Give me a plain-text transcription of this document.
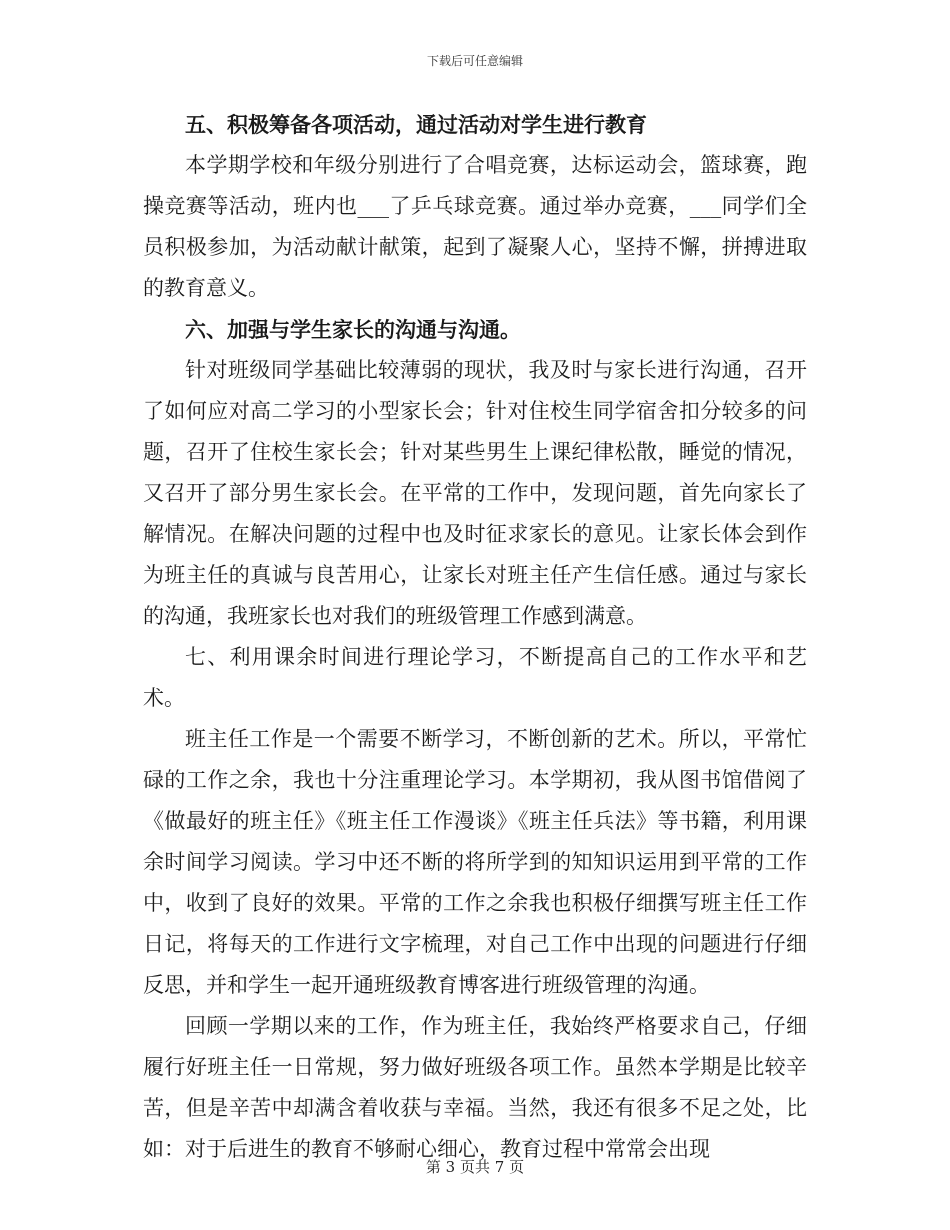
下载后可任意编辑

五、积极筹备各项活动，通过活动对学生进行教育

本学期学校和年级分别进行了合唱竞赛，达标运动会，篮球赛，跑操竞赛等活动，班内也___了乒乓球竞赛。通过举办竞赛，___同学们全员积极参加，为活动献计献策，起到了凝聚人心，坚持不懈，拼搏进取的教育意义。

六、加强与学生家长的沟通与沟通。

针对班级同学基础比较薄弱的现状，我及时与家长进行沟通，召开了如何应对高二学习的小型家长会；针对住校生同学宿舍扣分较多的问题，召开了住校生家长会；针对某些男生上课纪律松散，睡觉的情况，又召开了部分男生家长会。在平常的工作中，发现问题，首先向家长了解情况。在解决问题的过程中也及时征求家长的意见。让家长体会到作为班主任的真诚与良苦用心，让家长对班主任产生信任感。通过与家长的沟通，我班家长也对我们的班级管理工作感到满意。

七、利用课余时间进行理论学习，不断提高自己的工作水平和艺术。

班主任工作是一个需要不断学习，不断创新的艺术。所以，平常忙碌的工作之余，我也十分注重理论学习。本学期初，我从图书馆借阅了《做最好的班主任》《班主任工作漫谈》《班主任兵法》等书籍，利用课余时间学习阅读。学习中还不断的将所学到的知知识运用到平常的工作中，收到了良好的效果。平常的工作之余我也积极仔细撰写班主任工作日记，将每天的工作进行文字梳理，对自己工作中出现的问题进行仔细反思，并和学生一起开通班级教育博客进行班级管理的沟通。

回顾一学期以来的工作，作为班主任，我始终严格要求自己，仔细履行好班主任一日常规，努力做好班级各项工作。虽然本学期是比较辛苦，但是辛苦中却满含着收获与幸福。当然，我还有很多不足之处，比如：对于后进生的教育不够耐心细心，教育过程中常常会出现

第 3 页共 7 页
